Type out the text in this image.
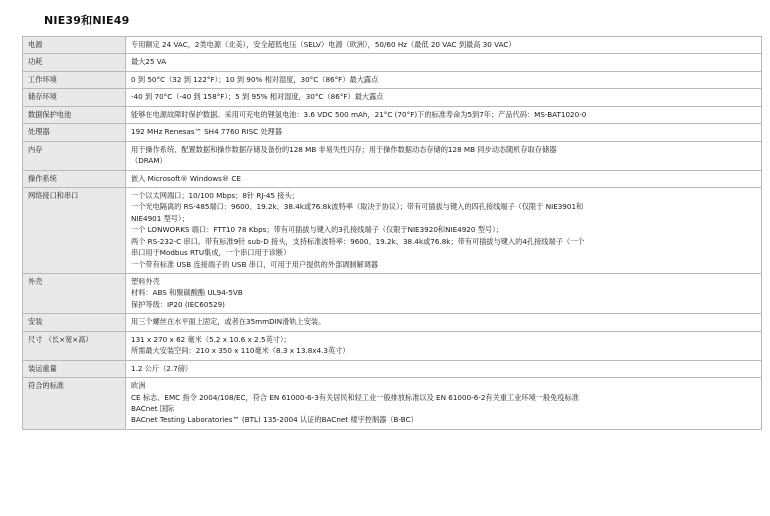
NIE39和NIE49
电源	专用额定 24 VAC，2类电源（北美），安全超低电压（SELV）电源（欧洲），50/60 Hz（最低 20 VAC 到最高 30 VAC）

功耗	最大25 VA

工作环境	0 到 50°C（32 到 122°F）；10 到 90% 相对湿度，30°C（86°F）最大露点

储存环境	-40 到 70°C（-40 到 158°F）；5 到 95% 相对湿度，30°C（86°F）最大露点

数据保护电池	能够在电源故障时保护数据。采用可充电的锂氢电池：3.6 VDC 500 mAh，21°C (70°F)下的标准寿命为5到7年；产品代码：MS-BAT1020-0

处理器	192 MHz Renesas™ SH4 7760 RISC 处理器

内存	用于操作系统、配置数据和操作数据存储及备份的128 MB 非易失性闪存；用于操作数据动态存储的128 MB 同步动态随机存取存储器
（DRAM）

操作系统	嵌入 Microsoft® Windows® CE

网络接口和串口	一个以太网端口；10/100 Mbps；8针 RJ-45 接头；
一个光电隔离的 RS-485端口：9600、19.2k、38.4k或76.8k波特率（取决于协议）；带有可插拔与键入的四孔接线端子（仅限于 NIE3901和
NIE4901 型号）；
一个 LONWORKS 端口：FTT10 78 Kbps；带有可插拔与键入的3孔接线端子（仅限于NIE3920和NIE4920 型号）；
两个 RS-232-C 串口。带有标准9针 sub-D 接头，支持标准波特率：9600、19.2k、38.4k或76.8k；带有可插拔与键入的4孔接线端子（一个
串口用于Modbus RTU集成，一个串口用于诊断）
一个带有标准 USB 连接端子的 USB 串口，可用于用户提供的外部调制解调器

外壳	塑料外壳
材料：ABS 和聚碳酸酯 UL94-5VB
保护等级：IP20 (IEC60529)

安装	用三个螺丝在水平面上固定，或者在35mmDIN滑轨上安装。

尺寸 （长×宽×高）	131 x 270 x 62 毫米（5.2 x 10.6 x 2.5英寸）；
所需最大安装空间：210 x 350 x 110毫米（8.3 x 13.8x4.3英寸）

装运重量	1.2 公斤（2.7磅）

符合的标准	欧洲
CE 标志、EMC 指令 2004/108/EC，符合 EN 61000-6-3有关居民和轻工业一般排放标准以及 EN 61000-6-2有关重工业环境一般免疫标准
BACnet 国际
BACnet Testing Laboratories™ (BTL) 135-2004 认证的BACnet 楼宇控制器（B-BC）
